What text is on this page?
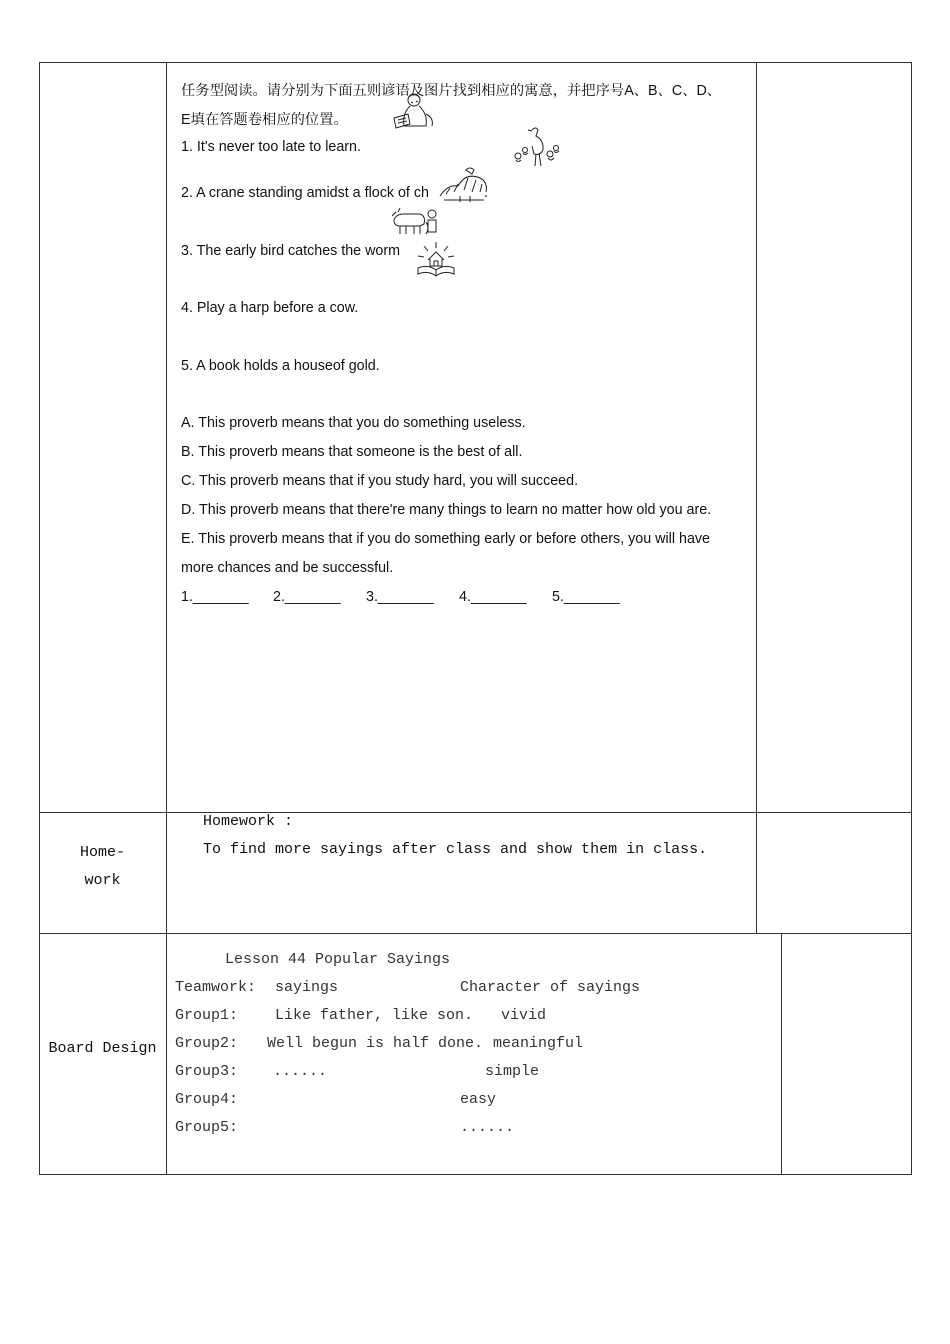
任务型阅读。请分别为下面五则谚语及图片找到相应的寓意，并把序号A、B、C、D、
E填在答题卷相应的位置。
1. It's never too late to learn.
2. A crane standing amidst a flock of ch	.
3. The early bird catches the worm
4. Play a harp before a cow.
5. A book holds a houseof gold.
A. This proverb means that you do something useless.
B. This proverb means that someone is the best of all.
C. This proverb means that if you study hard, you will succeed.
D. This proverb means that there're many things to learn no matter how old you are.
E. This proverb means that if you do something early or before others, you will have
more chances and be successful.
1._______ 2._______ 3._______ 4._______ 5._______
Home-
work
Homework :
To find more sayings after class and show them in class.
Board Design
Lesson 44 Popular Sayings
Teamwork: sayings	Character of sayings
Group1: Like father, like son. vivid
Group2: Well begun is half done. meaningful
Group3: ......	simple
Group4:	easy
Group5:	......
